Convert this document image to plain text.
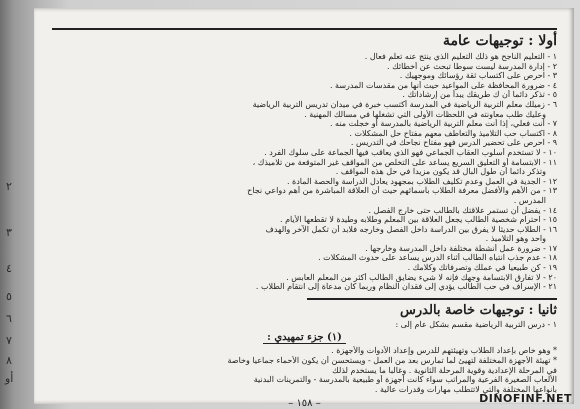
٢
٣
٤
٥
٦
٧
٨
أو
أولا : توجيهات عامة

١ - التعليم الناجح هو ذلك التعليم الذي ينتج عنه تعلم فعال .

٢ - إدارة المدرسة ليست سوطا تبحث عن أخطائك .

٣ - احرص على اكتساب ثقة رؤسائك وموجهيك .

٤ - ضرورة المحافظة على المواعيد حيث أنها من مقدسات المدرسة .

٥ - تذكر دائما أن ك طريقك يبدأ من إرشاداتك .

٦ - زميلك معلم التربية الرياضية في المدرسة أكتسب خبرة في ميدان تدريس التربية الرياضية

وعليك طلب معاونته في اللحظات الأولى التي تشغلها في مسالك المهنية .

٧ - أنت فعلي، إذا أنت معلم التربية الرياضية بالمدرسة أو خجلت منه .

٨ - اكتساب حب التلاميذ والتعاطف معهم مفتاح حل المشكلات .

٩ - احرص على تحضير الدرس فهو مفتاح نجاحك في التدريس .

١٠ - لا تستخدم أسلوب العقاب الجماعي فهو الذي يعاقب فيها الجماعة على سلوك الفرد .

١١ - الابتسامة أو التعليق السريع يساعد على التخلص من المواقف غير المتوقعة من تلاميذك ،

وتذكر دائما أن طول البال قد يكون مزيدا في حل هذه المواقف .

١٢ - الجدية في العمل وعدم تكليف الطلاب بمجهود يعادل الدراسة والحصة المادة .

١٣ - من الأهم والأفضل معرفة الطلاب بأسمائهم حيث أن العلاقة المباشرة من أهم دواعي نجاح

المدرس .

١٤ - يفضل أن تستمر علاقتك بالطالب حتى خارج الفصل .

١٥ - احترام شخصية الطالب يجعل العلاقة بين المعلم وطلابه وطيدة لا تقطعها الأيام .

١٦ - الطلاب حديثا لا يفرق بين الدراسة داخل الفصل وخارجه فلابد أن تكمل الآخر والهدف

واحد وهو التلاميذ .

١٧ - ضرورة عمل أنشطة مختلفة داخل المدرسة وخارجها .

١٨ - عدم جذب انتباه الطالب أثناء الدرس يساعد على حدوث المشكلات .

١٩ - كن طبيعيا في عملك وتصرفاتك وكلامك .

٢٠ - لا تفارق الابتسامة وجهك فإنه لا شيء يضايق الطالب أكثر من المعلم العابس .

٢١ - الإسراف في حب الطالب يؤدي إلى فقدان النظام وربما كان مدعاة إلى انتقام الطلاب .

ثانيا : توجيهات خاصة بالدرس

١ - درس التربية الرياضية مقسم بشكل عام إلى :

(١) جزء تمهيدي :

* وهو خاص بإعداد الطلاب وتهيئتهم للدرس وإعداد الأدوات والأجهزة .

* تهيئة الأجهزة المختلفة لتهيئ لما تمارس بعد من العمل - ويستحسن أن يكون الأحماء جماعيا وخاصة

في المرحلة الإعدادية وقوية المرحلة الثانوية . وغالبا ما يستخدم لذلك

الألعاب الصغيرة الفرعية والمراتب سواء كانت أجهزة أو طبيعية بالمدرسة - والتمرينات البدنية

بأنواعها المختلفة والتي لاتتطلب مهارات وقدرات عالية .

– ١٥٨ –	DINOFINF.NET
